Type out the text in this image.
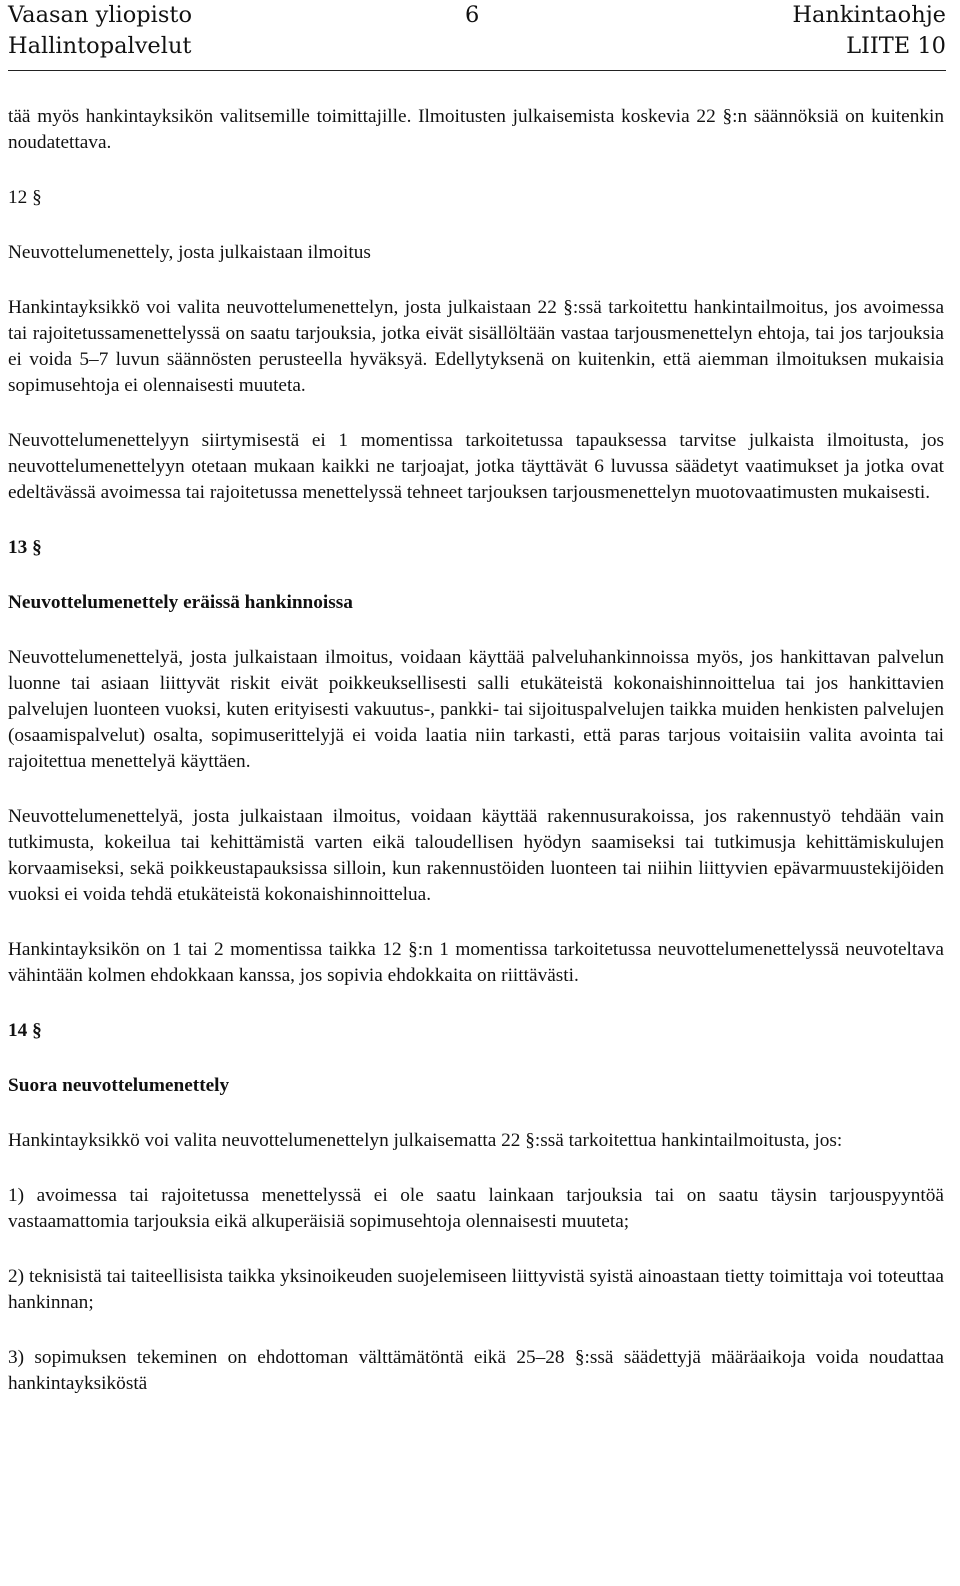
Vaasan yliopisto	6	Hankintaohje
Hallintopalvelut	LIITE 10

tää myös hankintayksikön valitsemille toimittajille. Ilmoitusten julkaisemista koskevia 22 §:n säännöksiä on kuitenkin noudatettava.

12 §
Neuvottelumenettely, josta julkaistaan ilmoitus

Hankintayksikkö voi valita neuvottelumenettelyn, josta julkaistaan 22 §:ssä tarkoitettu hankintailmoitus, jos avoimessa tai rajoitetussamenettelyssä on saatu tarjouksia, jotka eivät sisällöltään vastaa tarjousmenettelyn ehtoja, tai jos tarjouksia ei voida 5–7 luvun säännösten perusteella hyväksyä. Edellytyksenä on kuitenkin, että aiemman ilmoituksen mukaisia sopimusehtoja ei olennaisesti muuteta.

Neuvottelumenettelyyn siirtymisestä ei 1 momentissa tarkoitetussa tapauksessa tarvitse julkaista ilmoitusta, jos neuvottelumenettelyyn otetaan mukaan kaikki ne tarjoajat, jotka täyttävät 6 luvussa säädetyt vaatimukset ja jotka ovat edeltävässä avoimessa tai rajoitetussa menettelyssä tehneet tarjouksen tarjousmenettelyn muotovaatimusten mukaisesti.

13 §
Neuvottelumenettely eräissä hankinnoissa

Neuvottelumenettelyä, josta julkaistaan ilmoitus, voidaan käyttää palveluhankinnoissa myös, jos hankittavan palvelun luonne tai asiaan liittyvät riskit eivät poikkeuksellisesti salli etukäteistä kokonaishinnoittelua tai jos hankittavien palvelujen luonteen vuoksi, kuten erityisesti vakuutus-, pankki- tai sijoituspalvelujen taikka muiden henkisten palvelujen (osaamispalvelut) osalta, sopimuserittelyjä ei voida laatia niin tarkasti, että paras tarjous voitaisiin valita avointa tai rajoitettua menettelyä käyttäen.

Neuvottelumenettelyä, josta julkaistaan ilmoitus, voidaan käyttää rakennusurakoissa, jos rakennustyö tehdään vain tutkimusta, kokeilua tai kehittämistä varten eikä taloudellisen hyödyn saamiseksi tai tutkimusja kehittämiskulujen korvaamiseksi, sekä poikkeustapauksissa silloin, kun rakennustöiden luonteen tai niihin liittyvien epävarmuustekijöiden vuoksi ei voida tehdä etukäteistä kokonaishinnoittelua.

Hankintayksikön on 1 tai 2 momentissa taikka 12 §:n 1 momentissa tarkoitetussa neuvottelumenettelyssä neuvoteltava vähintään kolmen ehdokkaan kanssa, jos sopivia ehdokkaita on riittävästi.

14 §
Suora neuvottelumenettely

Hankintayksikkö voi valita neuvottelumenettelyn julkaisematta 22 §:ssä tarkoitettua hankintailmoitusta, jos:

1) avoimessa tai rajoitetussa menettelyssä ei ole saatu lainkaan tarjouksia tai on saatu täysin tarjouspyyntöä vastaamattomia tarjouksia eikä alkuperäisiä sopimusehtoja olennaisesti muuteta;

2) teknisistä tai taiteellisista taikka yksinoikeuden suojelemiseen liittyvistä syistä ainoastaan tietty toimittaja voi toteuttaa hankinnan;

3) sopimuksen tekeminen on ehdottoman välttämätöntä eikä 25–28 §:ssä säädettyjä määräaikoja voida noudattaa hankintayksiköstä
